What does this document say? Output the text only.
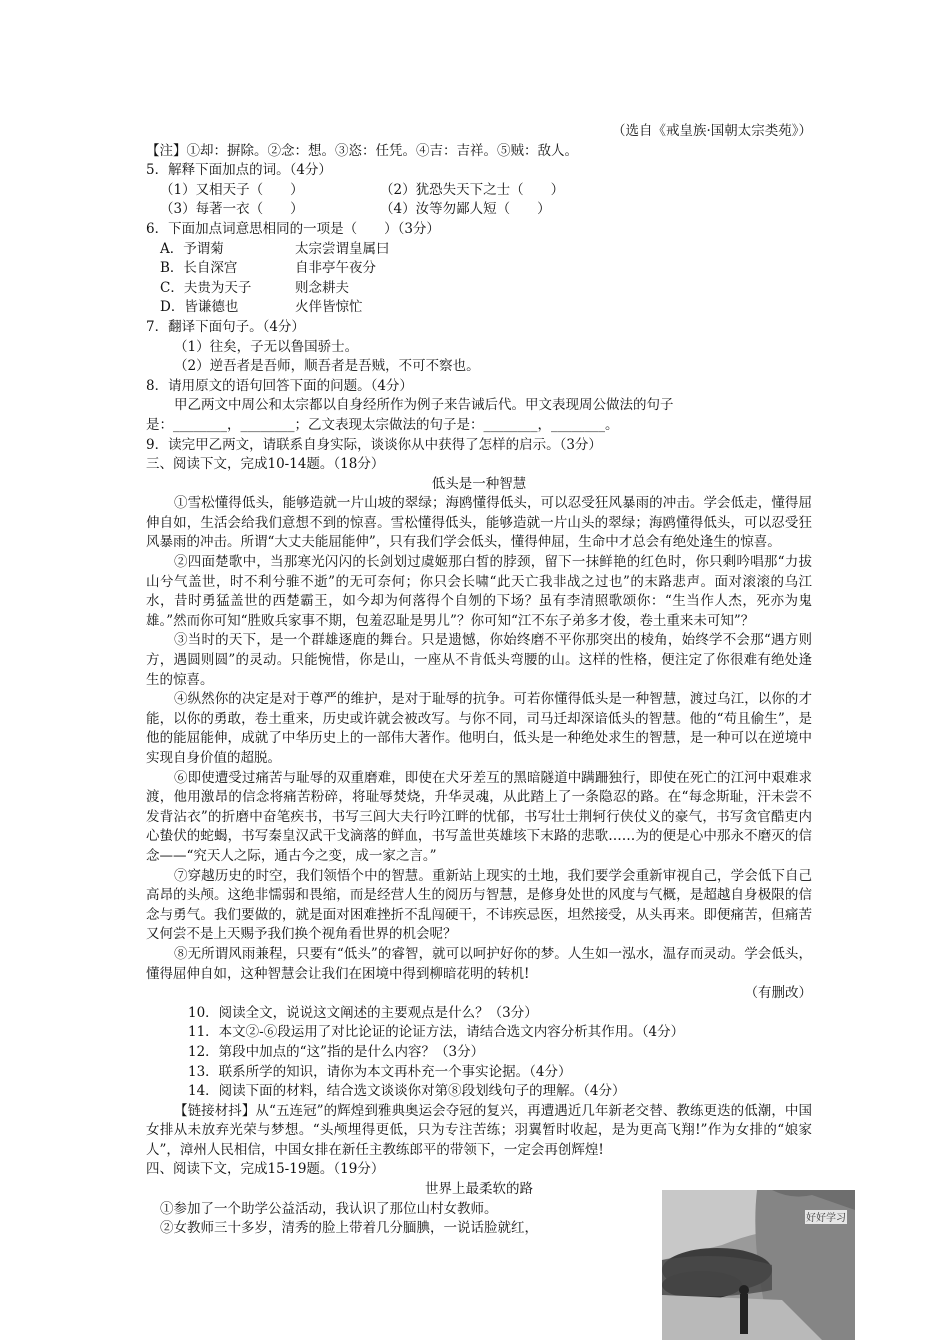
（选自《戒皇族·国朝太宗类苑》）

【注】①却：摒除。②念：想。③恣：任凭。④吉：吉祥。⑤贼：敌人。

5．解释下面加点的词。（4分）

（1）又相天子（　　）	（2）犹恐失天下之士（　　）
（3）每著一衣（　　）	（4）汝等勿鄙人短（　　）

6．下面加点词意思相同的一项是（　　）（3分）

A．予谓菊	太宗尝谓皇属曰
B．长自深宫	自非亭午夜分
C．夫贵为天子	则念耕夫
D．皆谦德也	火伴皆惊忙

7．翻译下面句子。（4分）

（1）往矣，子无以鲁国骄士。

（2）逆吾者是吾师，顺吾者是吾贼，不可不察也。

8．请用原文的语句回答下面的问题。（4分）

甲乙两文中周公和太宗都以自身经所作为例子来告诫后代。甲文表现周公做法的句子

是：________，________；乙文表现太宗做法的句子是：________，________。

9．读完甲乙两文，请联系自身实际，谈谈你从中获得了怎样的启示。（3分）

三、阅读下文，完成10-14题。（18分）

低头是一种智慧

①雪松懂得低头，能够造就一片山坡的翠绿；海鸥懂得低头，可以忍受狂风暴雨的冲击。学会低走，懂得屈伸自如，生活会给我们意想不到的惊喜。雪松懂得低头，能够造就一片山头的翠绿；海鸥懂得低头，可以忍受狂风暴雨的冲击。所谓“大丈夫能屈能伸”，只有我们学会低头，懂得伸屈，生命中才总会有绝处逢生的惊喜。

②四面楚歌中，当那寒光闪闪的长剑划过虞姬那白皙的脖颈，留下一抹鲜艳的红色时，你只剩吟唱那“力拔山兮气盖世，时不利兮骓不逝”的无可奈何；你只会长啸“此天亡我非战之过也”的末路悲声。面对滚滚的乌江水，昔时勇猛盖世的西楚霸王，如今却为何落得个自刎的下场？虽有李清照歌颂你：“生当作人杰，死亦为鬼雄。”然而你可知“胜败兵家事不期，包羞忍耻是男儿”？你可知“江不东子弟多才俊，卷土重来未可知”？

③当时的天下，是一个群雄逐鹿的舞台。只是遗憾，你始终磨不平你那突出的棱角，始终学不会那“遇方则方，遇圆则圆”的灵动。只能惋惜，你是山，一座从不肯低头弯腰的山。这样的性格，便注定了你很难有绝处逢生的惊喜。

④纵然你的决定是对于尊严的维护，是对于耻辱的抗争。可若你懂得低头是一种智慧，渡过乌江，以你的才能，以你的勇敢，卷土重来，历史或许就会被改写。与你不同，司马迁却深谙低头的智慧。他的“苟且偷生”，是他的能屈能伸，成就了中华历史上的一部伟大著作。他明白，低头是一种绝处求生的智慧，是一种可以在逆境中实现自身价值的超脱。

⑥即使遭受过痛苦与耻辱的双重磨难，即使在犬牙差互的黑暗隧道中蹒跚独行，即使在死亡的江河中艰难求渡，他用激昂的信念将痛苦粉碎，将耻辱焚烧，升华灵魂，从此踏上了一条隐忍的路。在“每念斯耻，汗未尝不发背沾衣”的折磨中奋笔疾书，书写三闾大夫行吟江畔的忧郁，书写壮士荆轲行侠仗义的豪气，书写贪官酷吏内心蛰伏的蛇蝎，书写秦皇汉武干戈滴落的鲜血，书写盖世英雄垓下末路的悲歌……为的便是心中那永不磨灭的信念——“究天人之际，通古今之变，成一家之言。”

⑦穿越历史的时空，我们领悟个中的智慧。重新站上现实的土地，我们要学会重新审视自己，学会低下自己高昂的头颅。这绝非懦弱和畏缩，而是经营人生的阅历与智慧，是修身处世的风度与气概，是超越自身极限的信念与勇气。我们要做的，就是面对困难挫折不乱闯硬干，不讳疾忌医，坦然接受，从头再来。即便痛苦，但痛苦又何尝不是上天赐予我们换个视角看世界的机会呢？

⑧无所谓风雨兼程，只要有“低头”的睿智，就可以呵护好你的梦。人生如一泓水，温存而灵动。学会低头，懂得屈伸自如，这种智慧会让我们在困境中得到柳暗花明的转机!

（有删改）

10．阅读全文，说说这文阐述的主要观点是什么？（3分）

11．本文②-⑥段运用了对比论证的论证方法，请结合选文内容分析其作用。（4分）

12．第段中加点的“这”指的是什么内容？（3分）

13．联系所学的知识，请你为本文再朴充一个事实论据。（4分）

14．阅读下面的材料，结合选文谈谈你对第⑧段划线句子的理解。（4分）

【链接材抖】从“五连冠”的辉煌到雅典奥运会夺冠的复兴，再遭遇近几年新老交替、教练更迭的低潮，中国女排从未放弃光荣与梦想。“头颅埋得更低，只为专注苦练；羽翼暂时收起，是为更高飞翔!”作为女排的“娘家人”，漳州人民相信，中国女排在新任主教练郎平的带领下，一定会再创辉煌!

四、阅读下文，完成15-19题。（19分）

世界上最柔软的路

①参加了一个助学公益活动，我认识了那位山村女教师。

②女教师三十多岁，清秀的脸上带着几分腼腆，一说话脸就红，

好好学习
